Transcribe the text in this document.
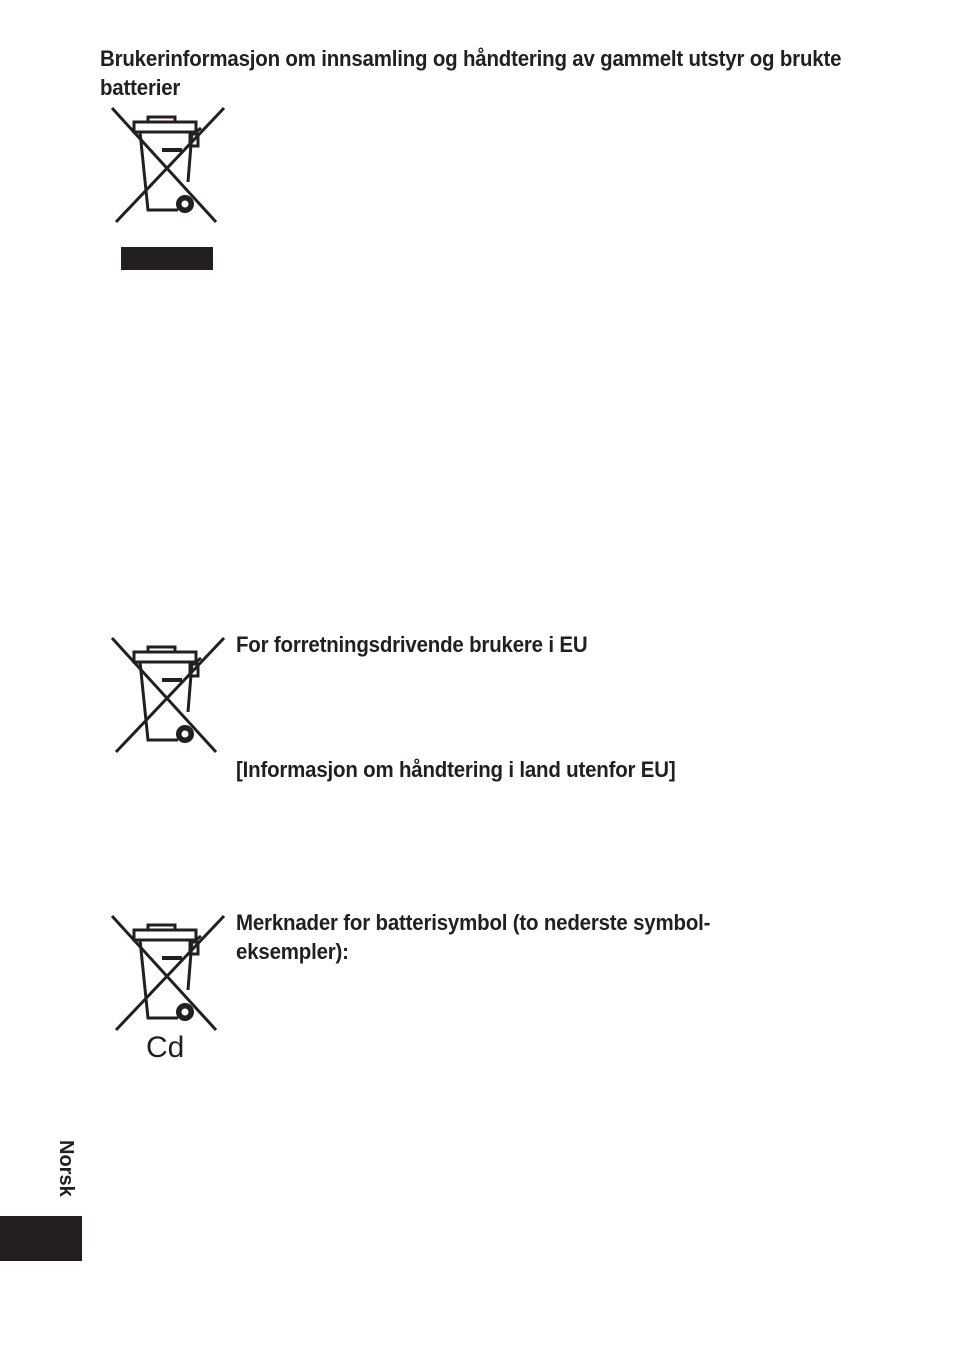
Brukerinformasjon om innsamling og håndtering av gammelt utstyr og brukte batterier
For forretningsdrivende brukere i EU
[Informasjon om håndtering i land utenfor EU]
Cd
Merknader for batterisymbol (to nederste symbol-eksempler):
Norsk
